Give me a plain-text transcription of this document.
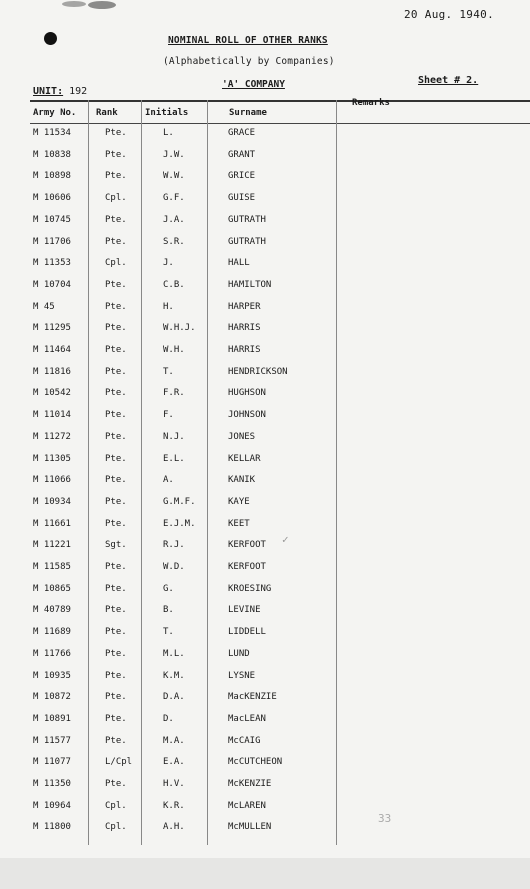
20 Aug. 1940.
NOMINAL ROLL OF OTHER RANKS
(Alphabetically by Companies)
UNIT: 192
'A' COMPANY	Sheet # 2.
Army No. Rank	Initials	Surname
Remarks
M 11534	Pte.	L.	GRACE
M 10838	Pte.	J.W.	GRANT
M 10898	Pte.	W.W.	GRICE
M 10606	Cpl.	G.F.	GUISE
M 10745	Pte.	J.A.	GUTRATH
M 11706	Pte.	S.R.	GUTRATH
M 11353	Cpl.	J.	HALL
M 10704	Pte.	C.B.	HAMILTON
M 45	Pte.	H.	HARPER
M 11295	Pte.	W.H.J.	HARRIS
M 11464	Pte.	W.H.	HARRIS
M 11816	Pte.	T.	HENDRICKSON
M 10542	Pte.	F.R.	HUGHSON
M 11014	Pte.	F.	JOHNSON
M 11272	Pte.	N.J.	JONES
M 11305	Pte.	E.L.	KELLAR
M 11066	Pte.	A.	KANIK
M 10934	Pte.	G.M.F.	KAYE
M 11661	Pte.	E.J.M.	KEET
M 11221	Sgt.	R.J.	KERFOOT
M 11585	Pte.	W.D.	KERFOOT
M 10865	Pte.	G.	KROESING
M 40789	Pte.	B.	LEVINE
M 11689	Pte.	T.	LIDDELL
M 11766	Pte.	M.L.	LUND
M 10935	Pte.	K.M.	LYSNE
M 10872	Pte.	D.A.	MacKENZIE
M 10891	Pte.	D.	MacLEAN
M 11577	Pte.	M.A.	McCAIG
M 11077	L/Cpl	E.A.	McCUTCHEON
M 11350	Pte.	H.V.	McKENZIE
M 10964	Cpl.	K.R.	McLAREN
M 11800	Cpl.	A.H.	McMULLEN
✓
33
